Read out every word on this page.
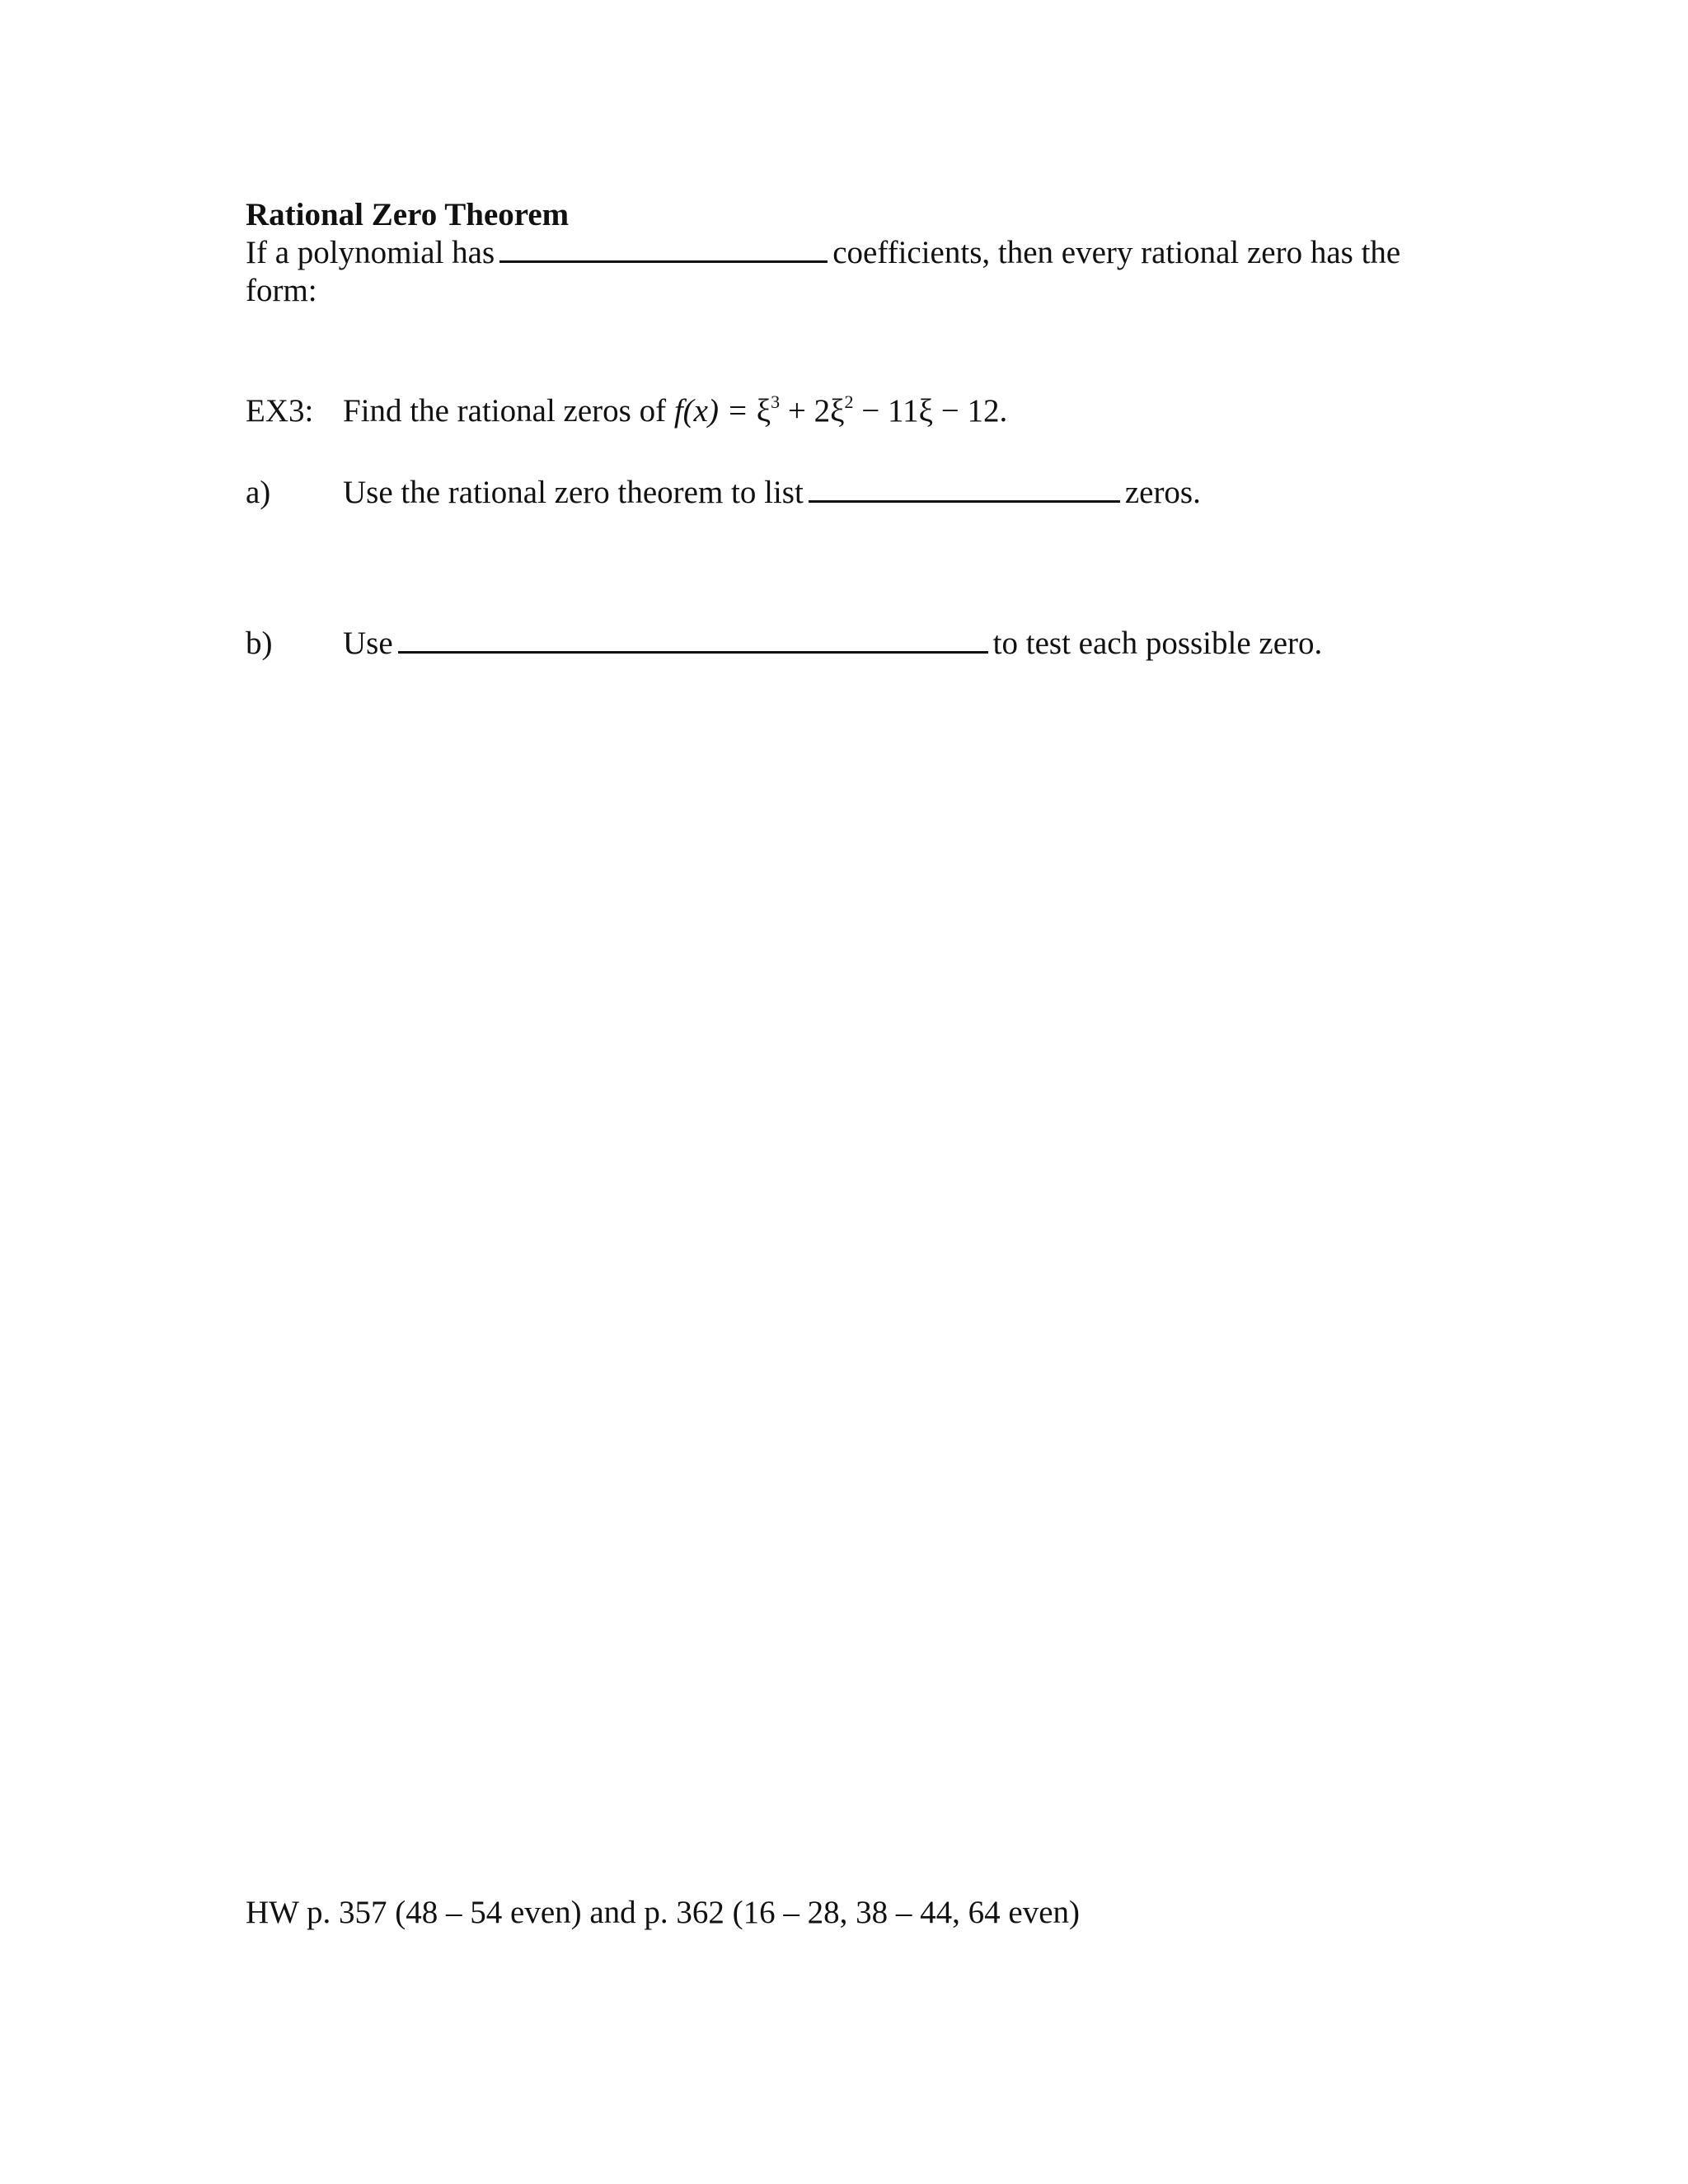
Rational Zero Theorem
If a polynomial has	coefficients, then every rational zero has the
form:
EX3: Find the rational zeros of $f(x) = \xi^3 + 2\xi^2 - 11\xi - 12$.
a) Use the rational zero theorem to list	zeros.
b) Use	to test each possible zero.
HW p. 357 (48 – 54 even) and p. 362 (16 – 28, 38 – 44, 64 even)
